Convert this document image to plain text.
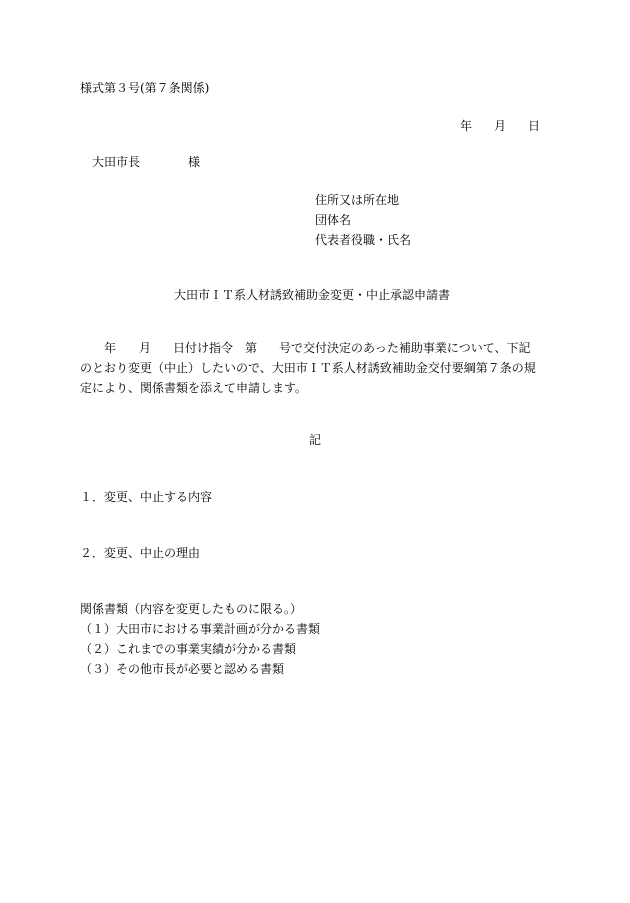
様式第３号(第７条関係)
年 月 日
大田市長	様
住所又は所在地
団体名
代表者役職・氏名
大田市ＩＴ系人材誘致補助金変更・中止承認申請書
年 月 日付け指令　第 号で交付決定のあった補助事業について、下記
のとおり変更（中止）したいので、大田市ＩＴ系人材誘致補助金交付要綱第７条の規
定により、関係書類を添えて申請します。
記
１．変更、中止する内容
２．変更、中止の理由
関係書類（内容を変更したものに限る。）
（１）大田市における事業計画が分かる書類
（２）これまでの事業実績が分かる書類
（３）その他市長が必要と認める書類
